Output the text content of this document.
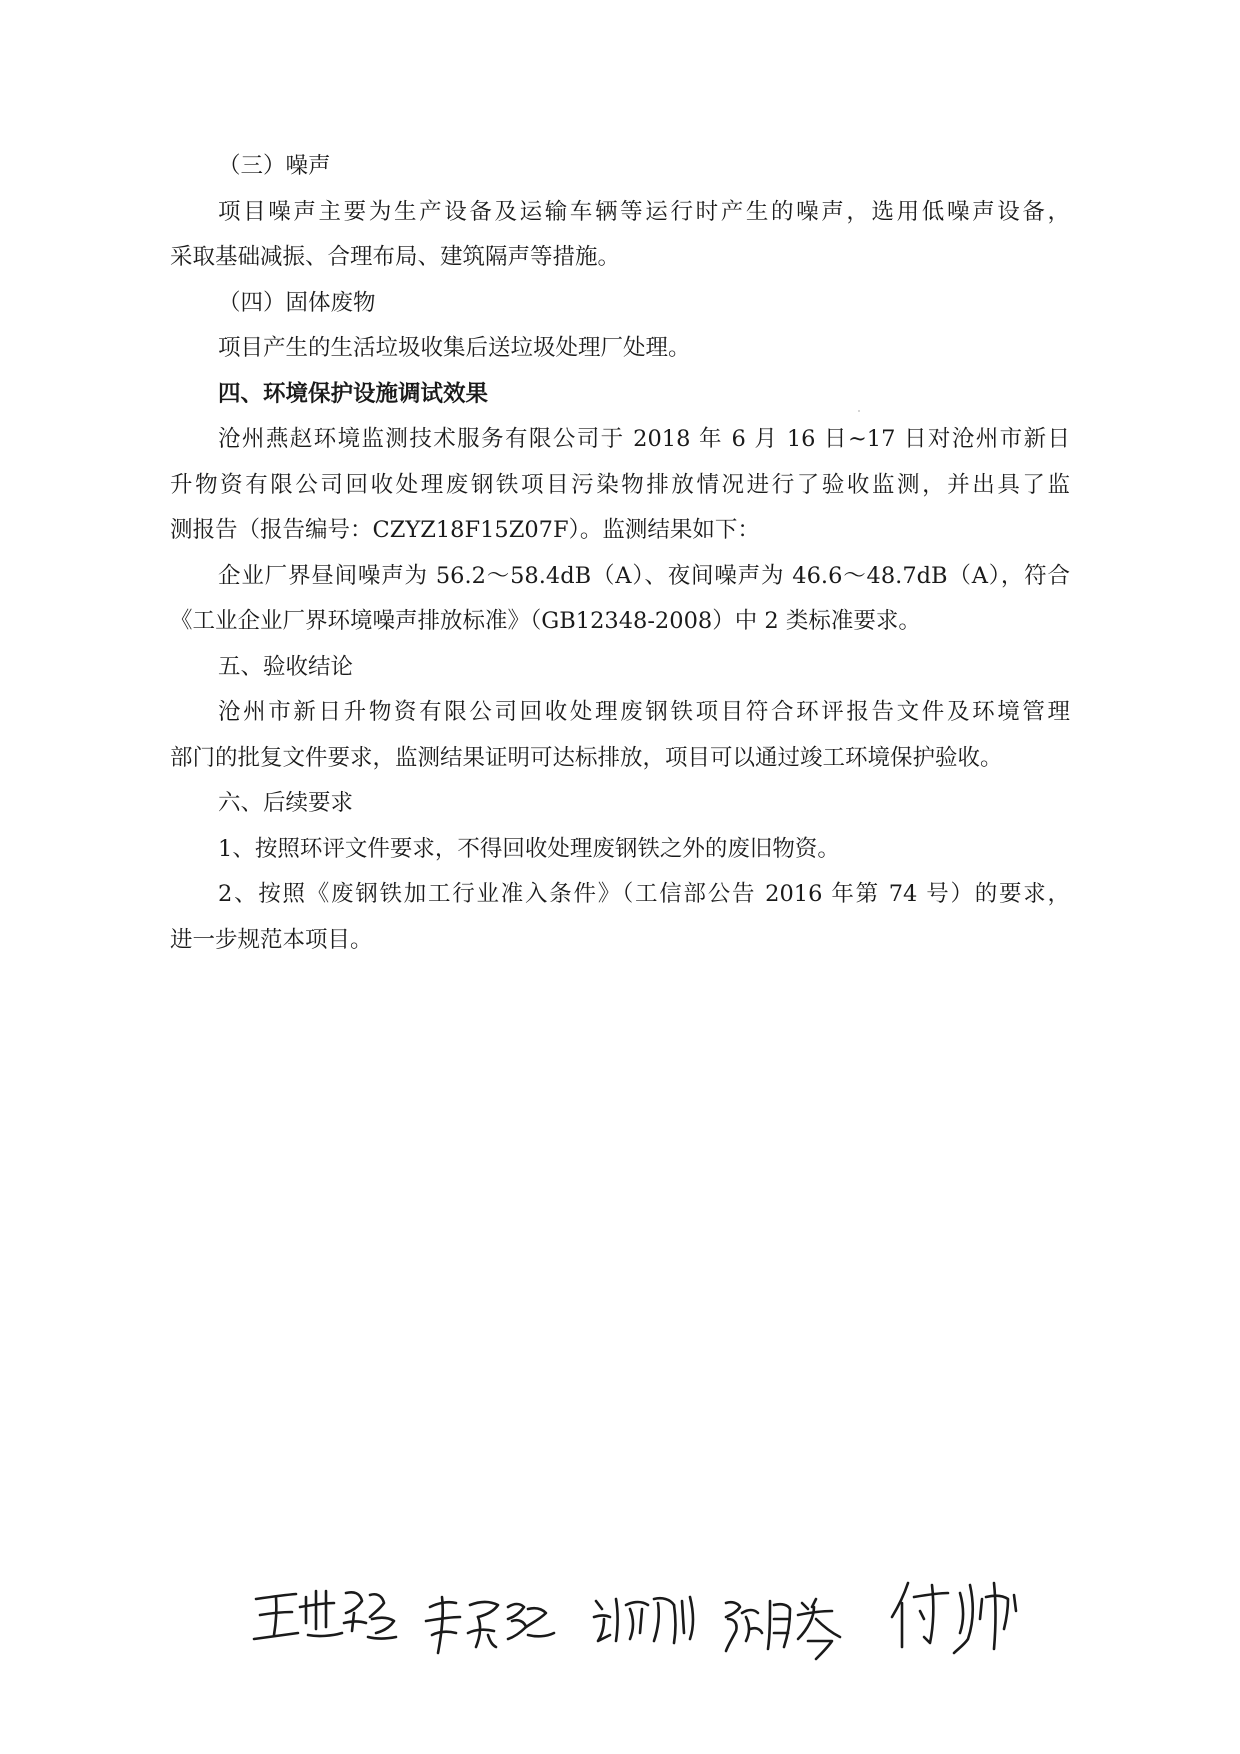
（三）噪声
项目噪声主要为生产设备及运输车辆等运行时产生的噪声，选用低噪声设备，
采取基础减振、合理布局、建筑隔声等措施。
（四）固体废物
项目产生的生活垃圾收集后送垃圾处理厂处理。
四、环境保护设施调试效果
沧州燕赵环境监测技术服务有限公司于 2018 年 6 月 16 日~17 日对沧州市新日
升物资有限公司回收处理废钢铁项目污染物排放情况进行了验收监测，并出具了监
测报告（报告编号：CZYZ18F15Z07F）。监测结果如下：
企业厂界昼间噪声为 56.2～58.4dB（A）、夜间噪声为 46.6～48.7dB（A），符合
《工业企业厂界环境噪声排放标准》（GB12348-2008）中 2 类标准要求。
五、验收结论
沧州市新日升物资有限公司回收处理废钢铁项目符合环评报告文件及环境管理
部门的批复文件要求，监测结果证明可达标排放，项目可以通过竣工环境保护验收。
六、后续要求
1、按照环评文件要求，不得回收处理废钢铁之外的废旧物资。
2、按照《废钢铁加工行业准入条件》（工信部公告 2016 年第 74 号）的要求，
进一步规范本项目。
